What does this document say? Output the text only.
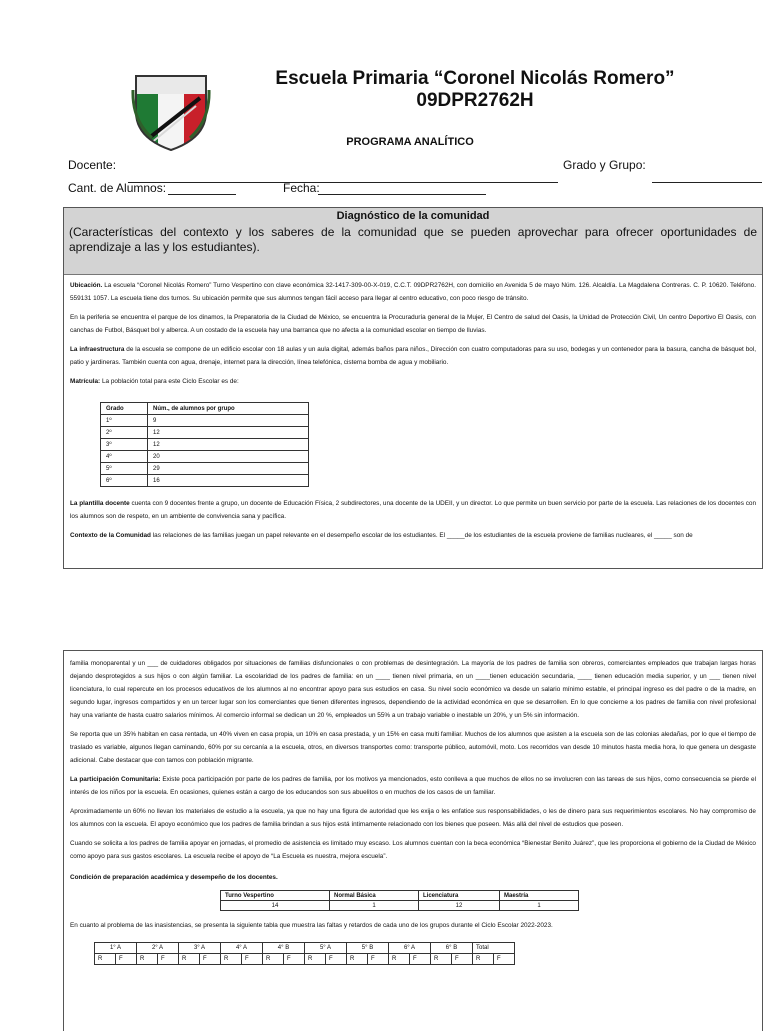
Escuela Primaria “Coronel Nicolás Romero”
09DPR2762H
PROGRAMA ANALÍTICO
Docente:	Grado y Grupo:
Cant. de Alumnos:	Fecha:
Diagnóstico de la comunidad
(Características del contexto y los saberes de la comunidad que se pueden aprovechar para ofrecer oportunidades de aprendizaje a las y los estudiantes).

Ubicación. La escuela “Coronel Nicolás Romero” Turno Vespertino con clave económica 32-1417-309-00-X-019, C.C.T. 09DPR2762H, con domicilio en Avenida 5 de mayo Núm. 126. Alcaldía. La Magdalena Contreras. C. P. 10620. Teléfono. 559131 1057. La escuela tiene dos turnos. Su ubicación permite que sus alumnos tengan fácil acceso para llegar al centro educativo, con poco riesgo de tránsito.

En la periferia se encuentra el parque de los dinamos, la Preparatoria de la Ciudad de México, se encuentra la Procuraduría general de la Mujer, El Centro de salud del Oasis, la Unidad de Protección Civil, Un centro Deportivo El Oasis, con canchas de Futbol, Básquet bol y alberca. A un costado de la escuela hay una barranca que no afecta a la comunidad escolar en tiempo de lluvias.

La infraestructura de la escuela se compone de un edificio escolar con 18 aulas y un aula digital, además baños para niños., Dirección con cuatro computadoras para su uso, bodegas y un contenedor para la basura, cancha de básquet bol, patio y jardineras. También cuenta con agua, drenaje, internet para la dirección, línea telefónica, cisterna bomba de agua y mobiliario.

Matrícula: La población total para este Ciclo Escolar es de:

Grado	Núm., de alumnos por grupo
1º	9
2º	12
3º	12
4º	20
5º	29
6º	16

La plantilla docente cuenta con 9 docentes frente a grupo, un docente de Educación Física, 2 subdirectores, una docente de la UDEII, y un director. Lo que permite un buen servicio por parte de la escuela. Las relaciones de los docentes con los alumnos son de respeto, en un ambiente de convivencia sana y pacífica.

Contexto de la Comunidad las relaciones de las familias juegan un papel relevante en el desempeño escolar de los estudiantes. El _____de los estudiantes de la escuela proviene de familias nucleares, el _____ son de

familia monoparental y un ___ de cuidadores obligados por situaciones de familias disfuncionales o con problemas de desintegración. La mayoría de los padres de familia son obreros, comerciantes empleados que trabajan largas horas dejando desprotegidos a sus hijos o con algún familiar. La escolaridad de los padres de familia: en un ____ tienen nivel primaria, en un ____tienen educación secundaria, ____ tienen educación media superior, y un ___ tienen nivel licenciatura, lo cual repercute en los procesos educativos de los alumnos al no encontrar apoyo para sus estudios en casa. Su nivel socio económico va desde un salario mínimo estable, el principal ingreso es del padre o de la madre, en segundo lugar, ingresos compartidos y en un tercer lugar son los comerciantes que tienen diferentes ingresos, dependiendo de la actividad económica en que se desarrollen. En lo que concierne a los padres de familia con nivel profesional hay una variante de hasta cuatro salarios mínimos. Al comercio informal se dedican un 20 %, empleados un 55% a un trabajo variable o inestable un 20%, y un 5% sin información.

Se reporta que un 35% habitan en casa rentada, un 40% viven en casa propia, un 10% en casa prestada, y un 15% en casa multi familiar. Muchos de los alumnos que asisten a la escuela son de las colonias aledañas, por lo que el tiempo de traslado es variable, algunos llegan caminando, 60% por su cercanía a la escuela, otros, en diversos transportes como: transporte público, automóvil, moto. Los recorridos van desde 10 minutos hasta media hora, lo que genera un desgaste adicional. Cabe destacar que con tamos con población migrante.

La participación Comunitaria: Existe poca participación por parte de los padres de familia, por los motivos ya mencionados, esto conlleva a que muchos de ellos no se involucren con las tareas de sus hijos, como consecuencia se pierde el interés de los niños por la escuela. En ocasiones, quienes están a cargo de los educandos son sus abuelitos o en muchos de los casos de un familiar.

Aproximadamente un 60% no llevan los materiales de estudio a la escuela, ya que no hay una figura de autoridad que les exija o les enfatice sus responsabilidades, o les de dinero para sus requerimientos escolares. No hay compromiso de los alumnos con la escuela. El apoyo económico que los padres de familia brindan a sus hijos está íntimamente relacionado con los bienes que poseen. Más allá del nivel de estudios que poseen.

Cuando se solicita a los padres de familia apoyar en jornadas, el promedio de asistencia es limitado muy escaso. Los alumnos cuentan con la beca económica “Bienestar Benito Juárez”, que les proporciona el gobierno de la Ciudad de México como apoyo para sus gastos escolares. La escuela recibe el apoyo de “La Escuela es nuestra, mejora escuela”.

Condición de preparación académica y desempeño de los docentes.

Turno Vespertino	Normal Básica	Licenciatura	Maestría
14	1	12	1

En cuanto al problema de las inasistencias, se presenta la siguiente tabla que muestra las faltas y retardos de cada uno de los grupos durante el Ciclo Escolar 2022-2023.

1° A		2° A		3° A		4° A		4° B		5° A		5° B		6° A		6° B		Total	
R	F	R	F	R	F	R	F	R	F	R	F	R	F	R	F	R	F	R	F
